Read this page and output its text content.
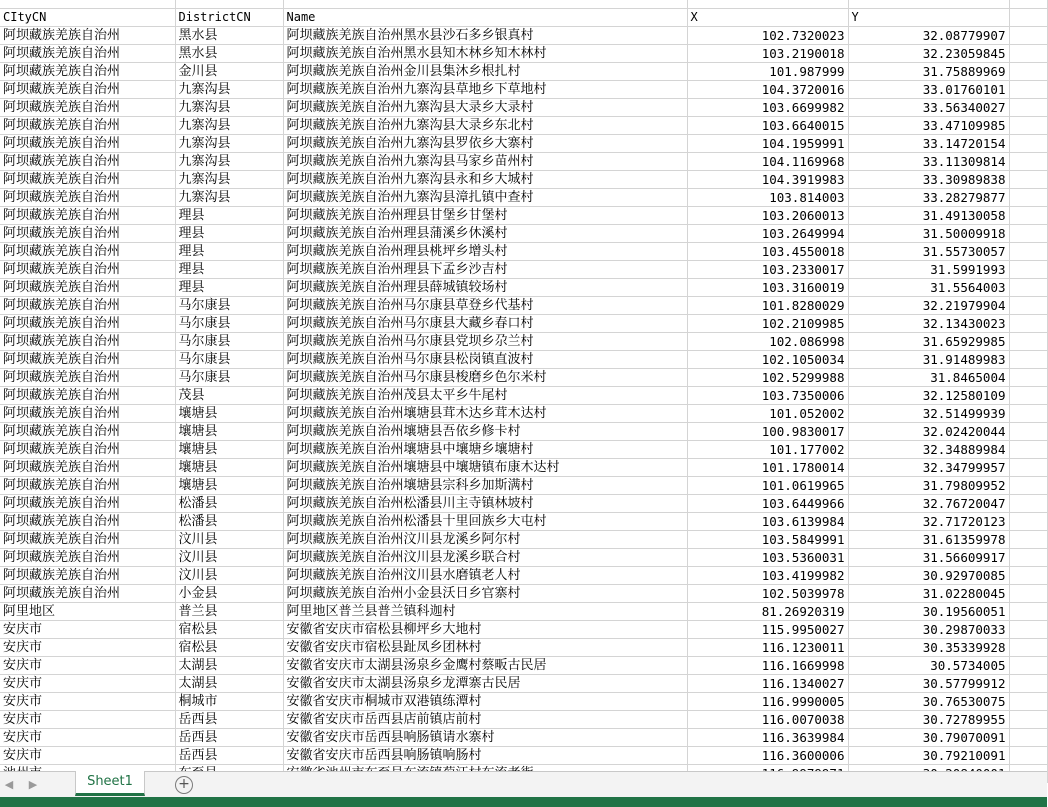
CItyCN	DistrictCN	Name	X	Y	
阿坝藏族羌族自治州	黑水县	阿坝藏族羌族自治州黑水县沙石多乡银真村	102.7320023	32.08779907	
阿坝藏族羌族自治州	黑水县	阿坝藏族羌族自治州黑水县知木林乡知木林村	103.2190018	32.23059845	
阿坝藏族羌族自治州	金川县	阿坝藏族羌族自治州金川县集沐乡根扎村	101.987999	31.75889969	
阿坝藏族羌族自治州	九寨沟县	阿坝藏族羌族自治州九寨沟县草地乡下草地村	104.3720016	33.01760101	
阿坝藏族羌族自治州	九寨沟县	阿坝藏族羌族自治州九寨沟县大录乡大录村	103.6699982	33.56340027	
阿坝藏族羌族自治州	九寨沟县	阿坝藏族羌族自治州九寨沟县大录乡东北村	103.6640015	33.47109985	
阿坝藏族羌族自治州	九寨沟县	阿坝藏族羌族自治州九寨沟县罗依乡大寨村	104.1959991	33.14720154	
阿坝藏族羌族自治州	九寨沟县	阿坝藏族羌族自治州九寨沟县马家乡苗州村	104.1169968	33.11309814	
阿坝藏族羌族自治州	九寨沟县	阿坝藏族羌族自治州九寨沟县永和乡大城村	104.3919983	33.30989838	
阿坝藏族羌族自治州	九寨沟县	阿坝藏族羌族自治州九寨沟县漳扎镇中查村	103.814003	33.28279877	
阿坝藏族羌族自治州	理县	阿坝藏族羌族自治州理县甘堡乡甘堡村	103.2060013	31.49130058	
阿坝藏族羌族自治州	理县	阿坝藏族羌族自治州理县蒲溪乡休溪村	103.2649994	31.50009918	
阿坝藏族羌族自治州	理县	阿坝藏族羌族自治州理县桃坪乡增头村	103.4550018	31.55730057	
阿坝藏族羌族自治州	理县	阿坝藏族羌族自治州理县下孟乡沙吉村	103.2330017	31.5991993	
阿坝藏族羌族自治州	理县	阿坝藏族羌族自治州理县薛城镇较场村	103.3160019	31.5564003	
阿坝藏族羌族自治州	马尔康县	阿坝藏族羌族自治州马尔康县草登乡代基村	101.8280029	32.21979904	
阿坝藏族羌族自治州	马尔康县	阿坝藏族羌族自治州马尔康县大藏乡春口村	102.2109985	32.13430023	
阿坝藏族羌族自治州	马尔康县	阿坝藏族羌族自治州马尔康县党坝乡尕兰村	102.086998	31.65929985	
阿坝藏族羌族自治州	马尔康县	阿坝藏族羌族自治州马尔康县松岗镇直波村	102.1050034	31.91489983	
阿坝藏族羌族自治州	马尔康县	阿坝藏族羌族自治州马尔康县梭磨乡色尔米村	102.5299988	31.8465004	
阿坝藏族羌族自治州	茂县	阿坝藏族羌族自治州茂县太平乡牛尾村	103.7350006	32.12580109	
阿坝藏族羌族自治州	壤塘县	阿坝藏族羌族自治州壤塘县茸木达乡茸木达村	101.052002	32.51499939	
阿坝藏族羌族自治州	壤塘县	阿坝藏族羌族自治州壤塘县吾依乡修卡村	100.9830017	32.02420044	
阿坝藏族羌族自治州	壤塘县	阿坝藏族羌族自治州壤塘县中壤塘乡壤塘村	101.177002	32.34889984	
阿坝藏族羌族自治州	壤塘县	阿坝藏族羌族自治州壤塘县中壤塘镇布康木达村	101.1780014	32.34799957	
阿坝藏族羌族自治州	壤塘县	阿坝藏族羌族自治州壤塘县宗科乡加斯满村	101.0619965	31.79809952	
阿坝藏族羌族自治州	松潘县	阿坝藏族羌族自治州松潘县川主寺镇林坡村	103.6449966	32.76720047	
阿坝藏族羌族自治州	松潘县	阿坝藏族羌族自治州松潘县十里回族乡大屯村	103.6139984	32.71720123	
阿坝藏族羌族自治州	汶川县	阿坝藏族羌族自治州汶川县龙溪乡阿尔村	103.5849991	31.61359978	
阿坝藏族羌族自治州	汶川县	阿坝藏族羌族自治州汶川县龙溪乡联合村	103.5360031	31.56609917	
阿坝藏族羌族自治州	汶川县	阿坝藏族羌族自治州汶川县水磨镇老人村	103.4199982	30.92970085	
阿坝藏族羌族自治州	小金县	阿坝藏族羌族自治州小金县沃日乡官寨村	102.5039978	31.02280045	
阿里地区	普兰县	阿里地区普兰县普兰镇科迦村	81.26920319	30.19560051	
安庆市	宿松县	安徽省安庆市宿松县柳坪乡大地村	115.9950027	30.29870033	
安庆市	宿松县	安徽省安庆市宿松县趾凤乡团林村	116.1230011	30.35339928	
安庆市	太湖县	安徽省安庆市太湖县汤泉乡金鹰村蔡畈古民居	116.1669998	30.5734005	
安庆市	太湖县	安徽省安庆市太湖县汤泉乡龙潭寨古民居	116.1340027	30.57799912	
安庆市	桐城市	安徽省安庆市桐城市双港镇练潭村	116.9990005	30.76530075	
安庆市	岳西县	安徽省安庆市岳西县店前镇店前村	116.0070038	30.72789955	
安庆市	岳西县	安徽省安庆市岳西县响肠镇请水寨村	116.3639984	30.79070091	
安庆市	岳西县	安徽省安庆市岳西县响肠镇响肠村	116.3600006	30.79210091	

◀ ▶	Sheet1	+
